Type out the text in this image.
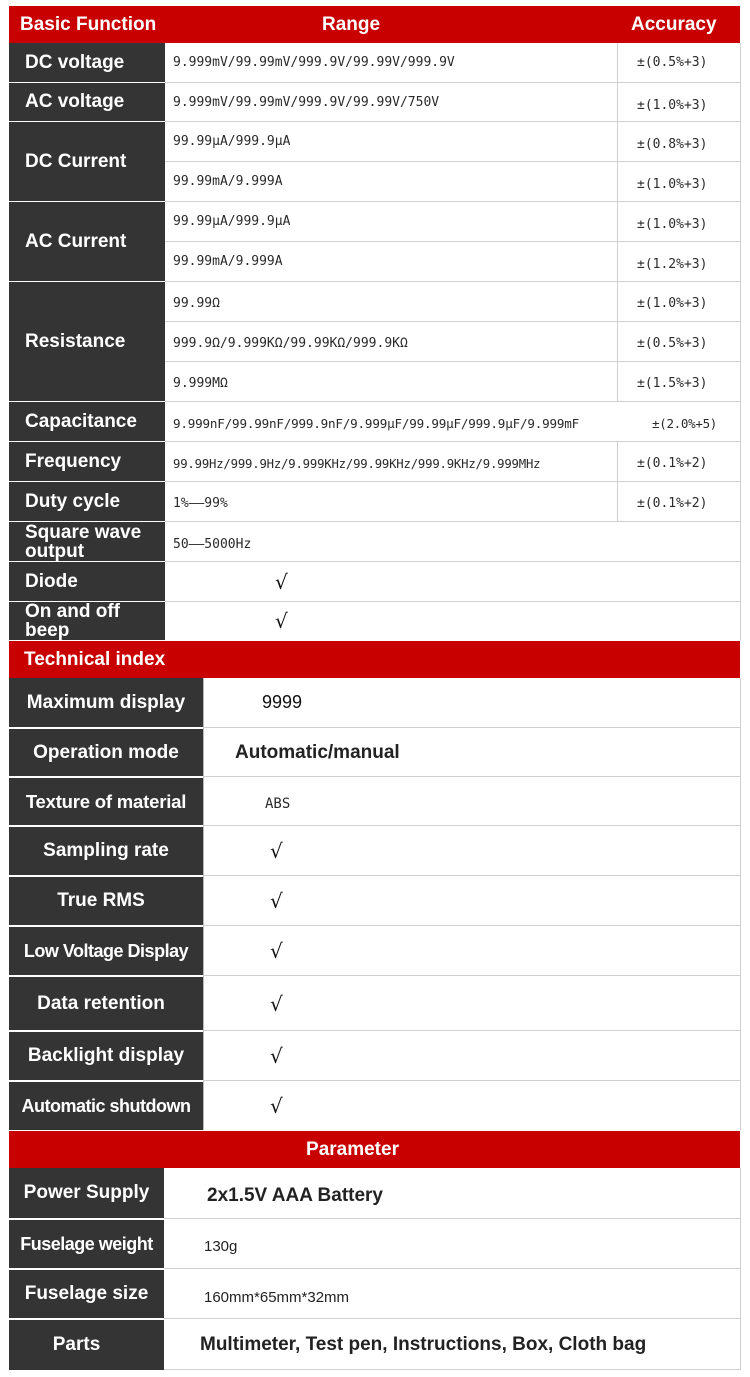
Basic Function	Range	Accuracy
DC voltage
AC voltage
DC Current
AC Current
Resistance
Capacitance
Frequency
Duty cycle
Square wave output
Diode
On and off beep
9.999mV/99.99mV/999.9V/99.99V/999.9V
9.999mV/99.99mV/999.9V/99.99V/750V
99.99μA/999.9μA
99.99mA/9.999A
99.99μA/999.9μA
99.99mA/9.999A
99.99Ω
999.9Ω/9.999KΩ/99.99KΩ/999.9KΩ
9.999MΩ
9.999nF/99.99nF/999.9nF/9.999μF/99.99μF/999.9μF/9.999mF
99.99Hz/999.9Hz/9.999KHz/99.99KHz/999.9KHz/9.999MHz
1%——99%
50——5000Hz
√
√
±(0.5%+3)
±(1.0%+3)
±(0.8%+3)
±(1.0%+3)
±(1.0%+3)
±(1.2%+3)
±(1.0%+3)
±(0.5%+3)
±(1.5%+3)
±(2.0%+5)
±(0.1%+2)
±(0.1%+2)
Technical index
Maximum display
Operation mode
Texture of material
Sampling rate
True RMS
Low Voltage Display
Data retention
Backlight display
Automatic shutdown
9999
Automatic/manual
ABS
√
√
√
√
√
√
Parameter
Power Supply
Fuselage weight
Fuselage size
Parts
2x1.5V AAA Battery
130g
160mm*65mm*32mm
Multimeter, Test pen, Instructions, Box, Cloth bag
